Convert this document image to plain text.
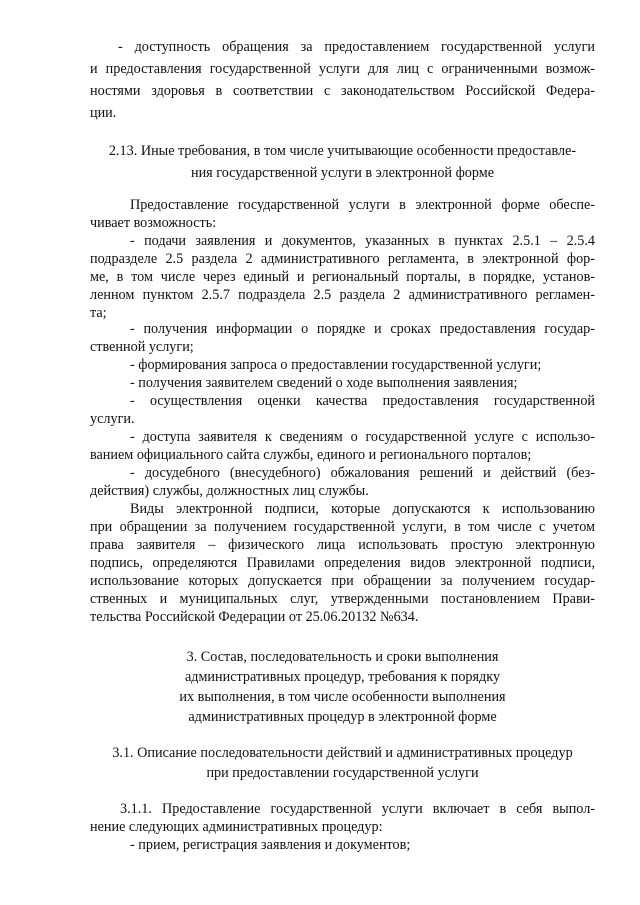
- доступность обращения за предоставлением государственной услуги
и предоставления государственной услуги для лиц с ограниченными возмож-
ностями здоровья в соответствии с законодательством Российской Федера-
ции.
2.13. Иные требования, в том числе учитывающие особенности предоставле-
ния государственной услуги в электронной форме
Предоставление государственной услуги в электронной форме обеспе-
чивает возможность:
- подачи заявления и документов, указанных в пунктах 2.5.1 – 2.5.4
подразделе 2.5 раздела 2 административного регламента, в электронной фор-
ме, в том числе через единый и региональный порталы, в порядке, установ-
ленном пунктом 2.5.7 подраздела 2.5 раздела 2 административного регламен-
та;
- получения информации о порядке и сроках предоставления государ-
ственной услуги;
- формирования запроса о предоставлении государственной услуги;
- получения заявителем сведений о ходе выполнения заявления;
- осуществления оценки качества предоставления государственной
услуги.
- доступа заявителя к сведениям о государственной услуге с использо-
ванием официального сайта службы, единого и регионального порталов;
- досудебного (внесудебного) обжалования решений и действий (без-
действия) службы, должностных лиц службы.
Виды электронной подписи, которые допускаются к использованию
при обращении за получением государственной услуги, в том числе с учетом
права заявителя – физического лица использовать простую электронную
подпись, определяются Правилами определения видов электронной подписи,
использование которых допускается при обращении за получением государ-
ственных и муниципальных слуг, утвержденными постановлением Прави-
тельства Российской Федерации от 25.06.20132 №634.
3. Состав, последовательность и сроки выполнения
административных процедур, требования к порядку
их выполнения, в том числе особенности выполнения
административных процедур в электронной форме
3.1. Описание последовательности действий и административных процедур
при предоставлении государственной услуги
3.1.1. Предоставление государственной услуги включает в себя выпол-
нение следующих административных процедур:
- прием, регистрация заявления и документов;
